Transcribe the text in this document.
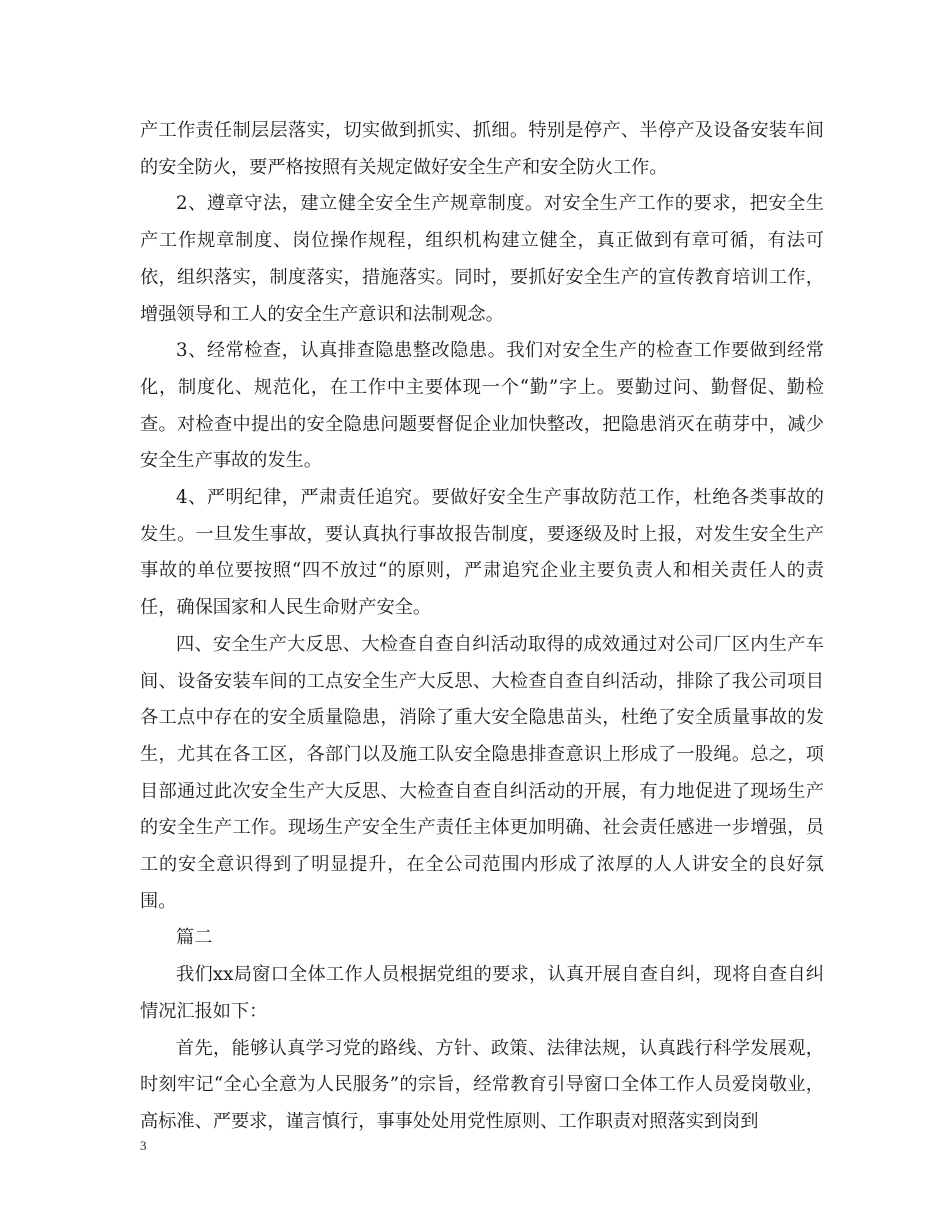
产工作责任制层层落实，切实做到抓实、抓细。特别是停产、半停产及设备安装车间的安全防火，要严格按照有关规定做好安全生产和安全防火工作。

2、遵章守法，建立健全安全生产规章制度。对安全生产工作的要求，把安全生产工作规章制度、岗位操作规程，组织机构建立健全，真正做到有章可循，有法可依，组织落实，制度落实，措施落实。同时，要抓好安全生产的宣传教育培训工作，增强领导和工人的安全生产意识和法制观念。

3、经常检查，认真排查隐患整改隐患。我们对安全生产的检查工作要做到经常化，制度化、规范化，在工作中主要体现一个“勤”字上。要勤过问、勤督促、勤检查。对检查中提出的安全隐患问题要督促企业加快整改，把隐患消灭在萌芽中，减少安全生产事故的发生。

4、严明纪律，严肃责任追究。要做好安全生产事故防范工作，杜绝各类事故的发生。一旦发生事故，要认真执行事故报告制度，要逐级及时上报，对发生安全生产事故的单位要按照“四不放过“的原则，严肃追究企业主要负责人和相关责任人的责任，确保国家和人民生命财产安全。

四、安全生产大反思、大检查自查自纠活动取得的成效通过对公司厂区内生产车间、设备安装车间的工点安全生产大反思、大检查自查自纠活动，排除了我公司项目各工点中存在的安全质量隐患，消除了重大安全隐患苗头，杜绝了安全质量事故的发生，尤其在各工区，各部门以及施工队安全隐患排查意识上形成了一股绳。总之，项目部通过此次安全生产大反思、大检查自查自纠活动的开展，有力地促进了现场生产的安全生产工作。现场生产安全生产责任主体更加明确、社会责任感进一步增强，员工的安全意识得到了明显提升，在全公司范围内形成了浓厚的人人讲安全的良好氛围。

篇二

我们xx局窗口全体工作人员根据党组的要求，认真开展自查自纠，现将自查自纠情况汇报如下：

首先，能够认真学习党的路线、方针、政策、法律法规，认真践行科学发展观，时刻牢记“全心全意为人民服务”的宗旨，经常教育引导窗口全体工作人员爱岗敬业，高标准、严要求，谨言慎行，事事处处用党性原则、工作职责对照落实到岗到

3
